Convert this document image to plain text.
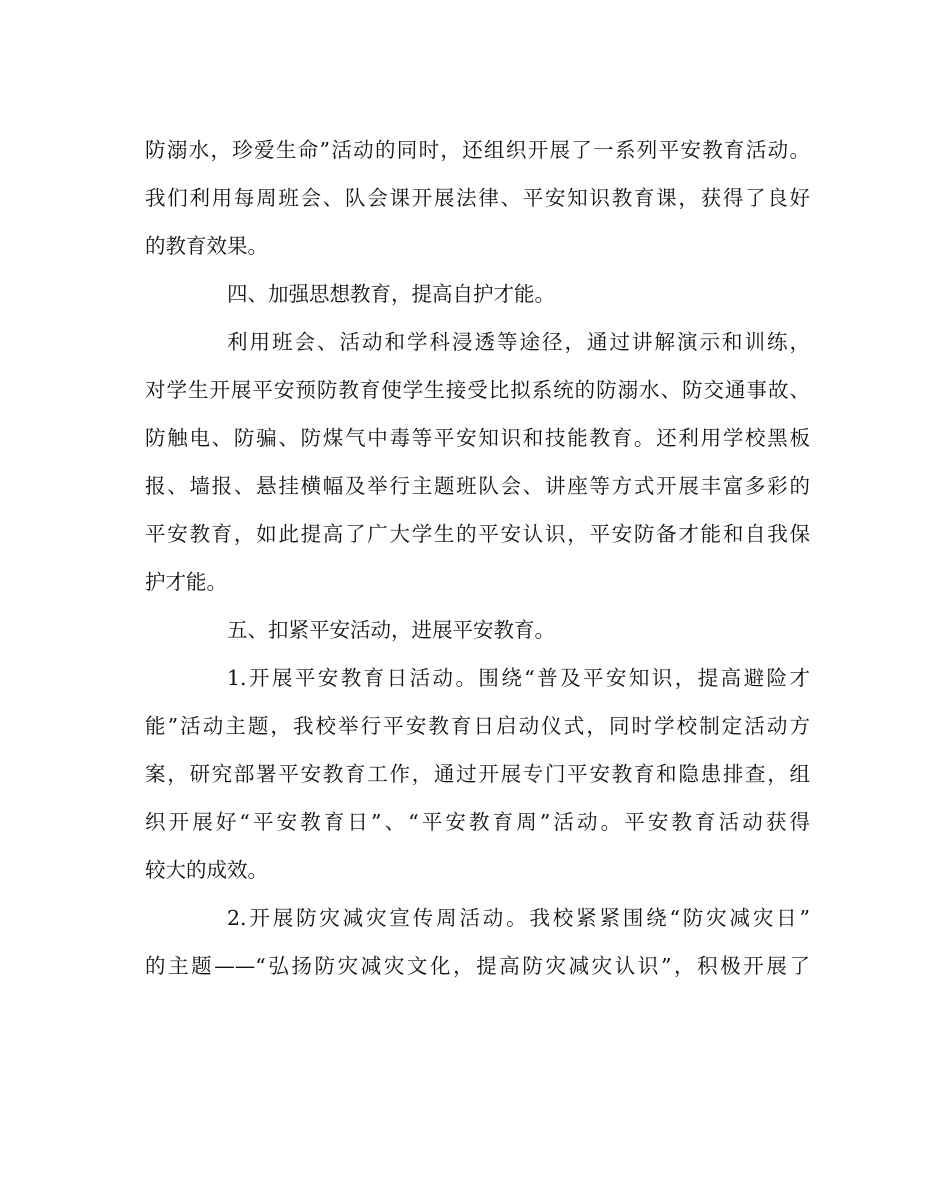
防溺水，珍爱生命”活动的同时，还组织开展了一系列平安教育活动。
我们利用每周班会、队会课开展法律、平安知识教育课，获得了良好
的教育效果。
四、加强思想教育，提高自护才能。
利用班会、活动和学科浸透等途径，通过讲解演示和训练，
对学生开展平安预防教育使学生接受比拟系统的防溺水、防交通事故、
防触电、防骗、防煤气中毒等平安知识和技能教育。还利用学校黑板
报、墙报、悬挂横幅及举行主题班队会、讲座等方式开展丰富多彩的
平安教育，如此提高了广大学生的平安认识，平安防备才能和自我保
护才能。
五、扣紧平安活动，进展平安教育。
1.开展平安教育日活动。围绕“普及平安知识，提高避险才
能”活动主题，我校举行平安教育日启动仪式，同时学校制定活动方
案，研究部署平安教育工作，通过开展专门平安教育和隐患排查，组
织开展好“平安教育日”、“平安教育周”活动。平安教育活动获得
较大的成效。
2.开展防灾减灾宣传周活动。我校紧紧围绕“防灾减灾日”
的主题——“弘扬防灾减灾文化，提高防灾减灾认识”，积极开展了
